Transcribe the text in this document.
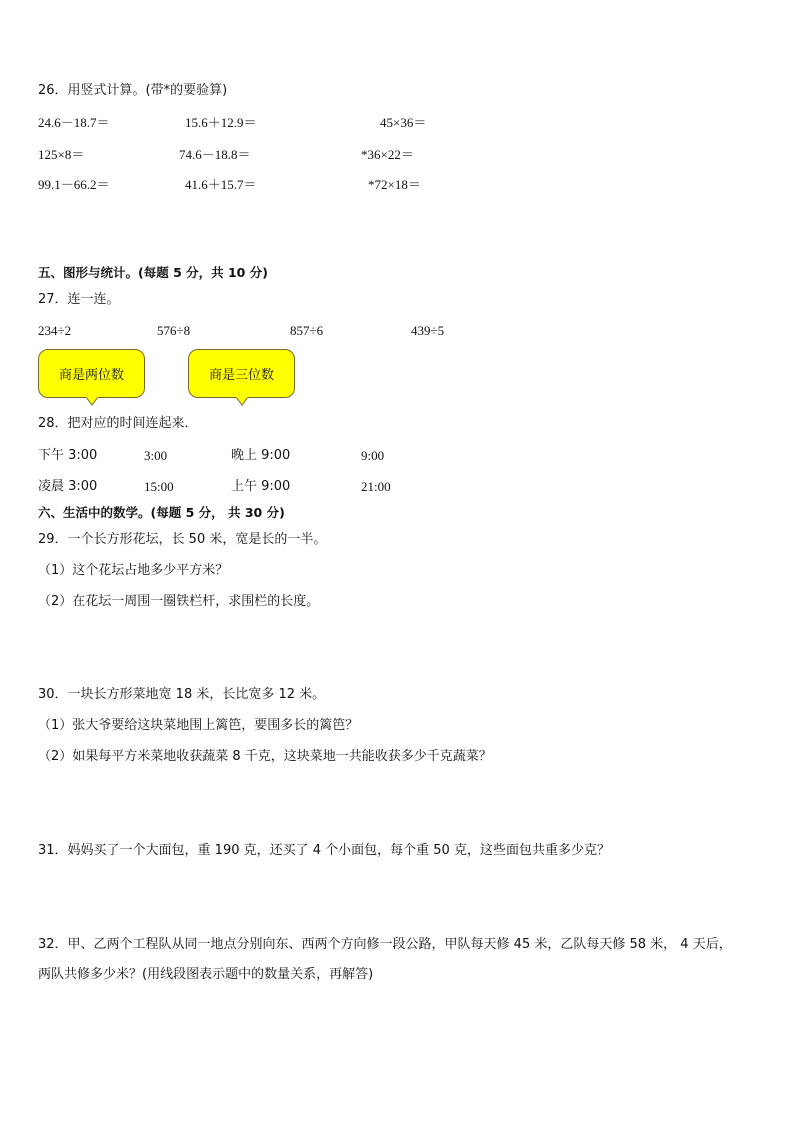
26．用竖式计算。(带*的要验算)
24.6－18.7＝	15.6＋12.9＝	45×36＝
125×8＝	74.6－18.8＝	*36×22＝
99.1－66.2＝	41.6＋15.7＝	*72×18＝
五、图形与统计。(每题 5 分，共 10 分)
27．连一连。
234÷2	576÷8	857÷6	439÷5
商是两位数	商是三位数
28．把对应的时间连起来．
下午 3:00	3:00	晚上 9:00	9:00
凌晨 3:00	15:00	上午 9:00	21:00
六、生活中的数学。(每题 5 分， 共 30 分)
29．一个长方形花坛，长 50 米，宽是长的一半。
（1）这个花坛占地多少平方米？
（2）在花坛一周围一圈铁栏杆，求围栏的长度。
30．一块长方形菜地宽 18 米，长比宽多 12 米。
（1）张大爷要给这块菜地围上篱笆，要围多长的篱笆？
（2）如果每平方米菜地收获蔬菜 8 千克，这块菜地一共能收获多少千克蔬菜？
31．妈妈买了一个大面包，重 190 克，还买了 4 个小面包，每个重 50 克，这些面包共重多少克？
32．甲、乙两个工程队从同一地点分别向东、西两个方向修一段公路，甲队每天修 45 米，乙队每天修 58 米， 4 天后，
两队共修多少米？(用线段图表示题中的数量关系，再解答)
